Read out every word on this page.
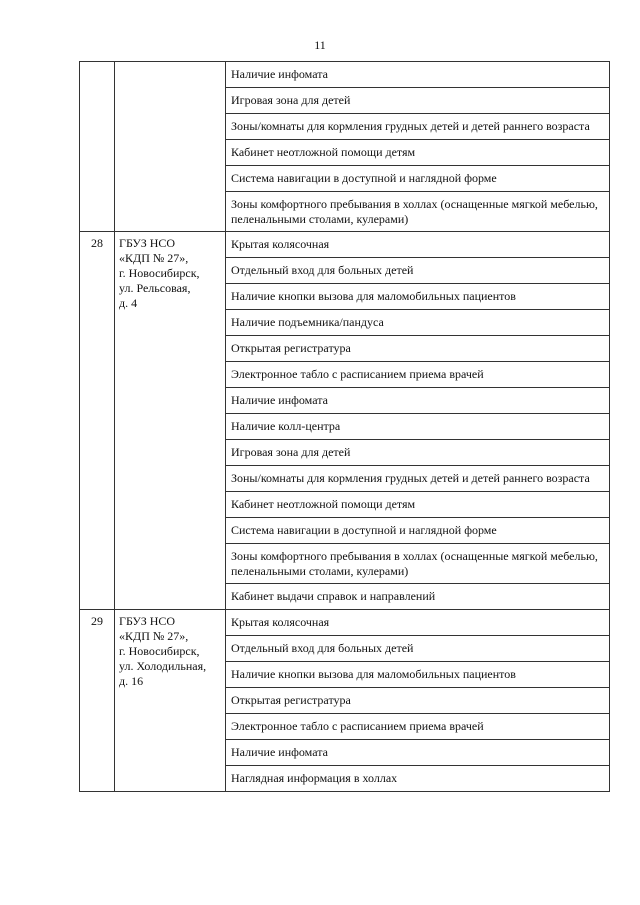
11
		Наличие инфомата
		Игровая зона для детей
		Зоны/комнаты для кормления грудных детей и детей раннего возраста
		Кабинет неотложной помощи детям
		Система навигации в доступной и наглядной форме
		Зоны комфортного пребывания в холлах (оснащенные мягкой мебелью, пеленальными столами, кулерами)
28	ГБУЗ НСО
«КДП № 27»,
г. Новосибирск,
ул. Рельсовая,
д. 4	Крытая колясочная
		Отдельный вход для больных детей
		Наличие кнопки вызова для маломобильных пациентов
		Наличие подъемника/пандуса
		Открытая регистратура
		Электронное табло с расписанием приема врачей
		Наличие инфомата
		Наличие колл-центра
		Игровая зона для детей
		Зоны/комнаты для кормления грудных детей и детей раннего возраста
		Кабинет неотложной помощи детям
		Система навигации в доступной и наглядной форме
		Зоны комфортного пребывания в холлах (оснащенные мягкой мебелью, пеленальными столами, кулерами)
		Кабинет выдачи справок и направлений
29	ГБУЗ НСО
«КДП № 27»,
г. Новосибирск,
ул. Холодильная,
д. 16	Крытая колясочная
		Отдельный вход для больных детей
		Наличие кнопки вызова для маломобильных пациентов
		Открытая регистратура
		Электронное табло с расписанием приема врачей
		Наличие инфомата
		Наглядная информация в холлах
